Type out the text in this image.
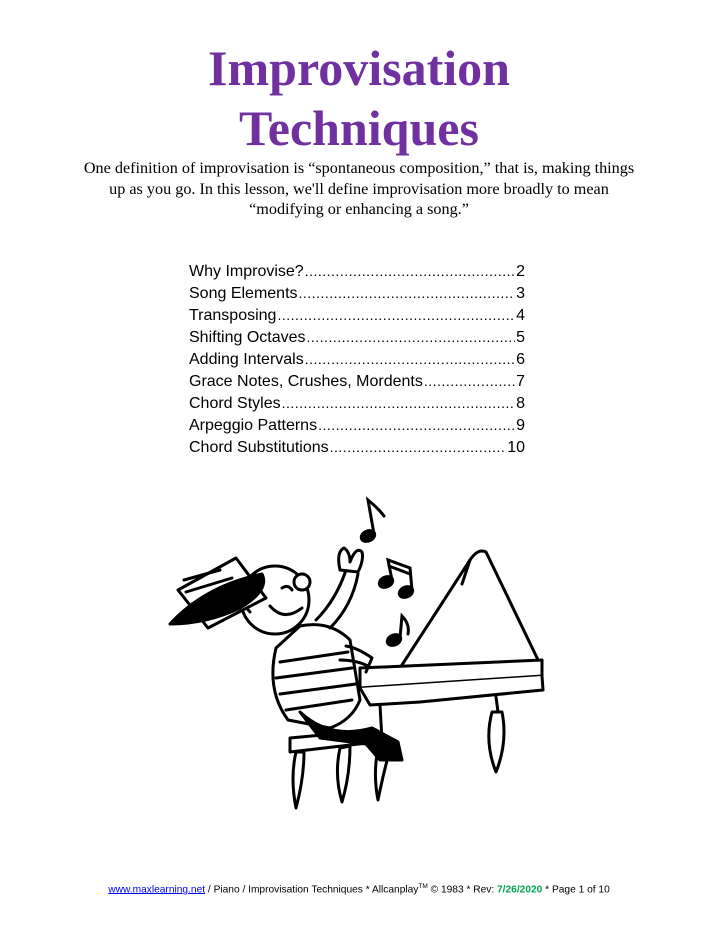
Improvisation
Techniques
One definition of improvisation is “spontaneous composition,” that is, making things up as you go. In this lesson, we'll define improvisation more broadly to mean “modifying or enhancing a song.”
Why Improvise? .....	2
Song Elements .....	3
Transposing .....	4
Shifting Octaves .....	5
Adding Intervals .....	6
Grace Notes, Crushes, Mordents .....	7
Chord Styles .....	8
Arpeggio Patterns .....	9
Chord Substitutions .....	10
www.maxlearning.net / Piano / Improvisation Techniques * Allcanplay™ © 1983 * Rev: 7/26/2020 * Page 1 of 10
